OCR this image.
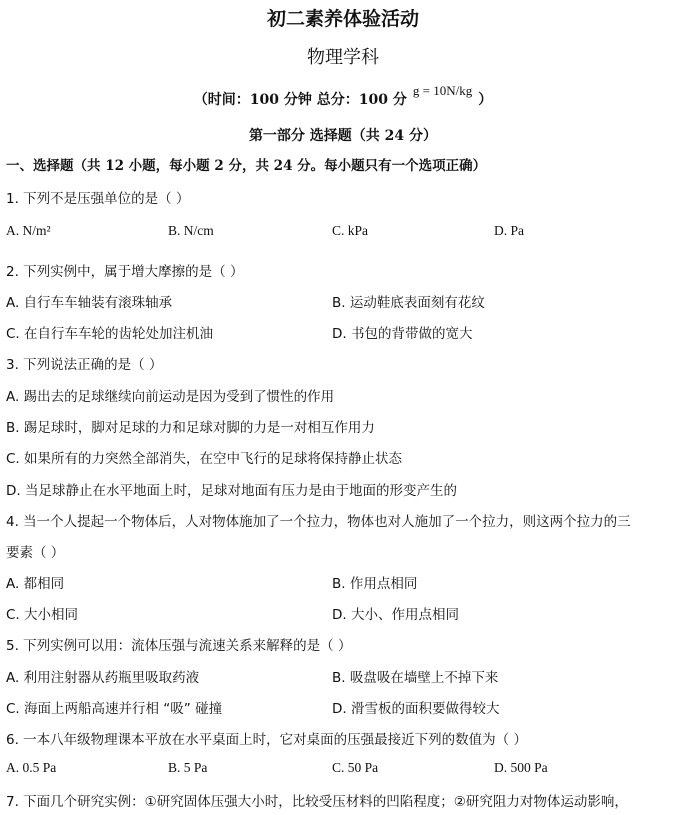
初二素养体验活动
物理学科
（时间：100 分钟 总分：100 分g = 10N/kg）
第一部分 选择题（共 24 分）
一、选择题（共 12 小题，每小题 2 分，共 24 分。每小题只有一个选项正确）
1. 下列不是压强单位的是（ ）
A. N/m²	B. N/cm	C. kPa	D. Pa
2. 下列实例中，属于增大摩擦的是（ ）
A. 自行车车轴装有滚珠轴承	B. 运动鞋底表面刻有花纹
C. 在自行车车轮的齿轮处加注机油	D. 书包的背带做的宽大
3. 下列说法正确的是（ ）
A. 踢出去的足球继续向前运动是因为受到了惯性的作用
B. 踢足球时，脚对足球的力和足球对脚的力是一对相互作用力
C. 如果所有的力突然全部消失，在空中飞行的足球将保持静止状态
D. 当足球静止在水平地面上时，足球对地面有压力是由于地面的形变产生的
4. 当一个人提起一个物体后，人对物体施加了一个拉力，物体也对人施加了一个拉力，则这两个拉力的三
要素（ ）
A. 都相同	B. 作用点相同
C. 大小相同	D. 大小、作用点相同
5. 下列实例可以用：流体压强与流速关系来解释的是（ ）
A. 利用注射器从药瓶里吸取药液	B. 吸盘吸在墙壁上不掉下来
C. 海面上两船高速并行相 “吸” 碰撞	D. 滑雪板的面积要做得较大
6. 一本八年级物理课本平放在水平桌面上时，它对桌面的压强最接近下列的数值为（ ）
A. 0.5 Pa	B. 5 Pa	C. 50 Pa	D. 500 Pa
7. 下面几个研究实例：①研究固体压强大小时，比较受压材料的凹陷程度；②研究阻力对物体运动影响，
